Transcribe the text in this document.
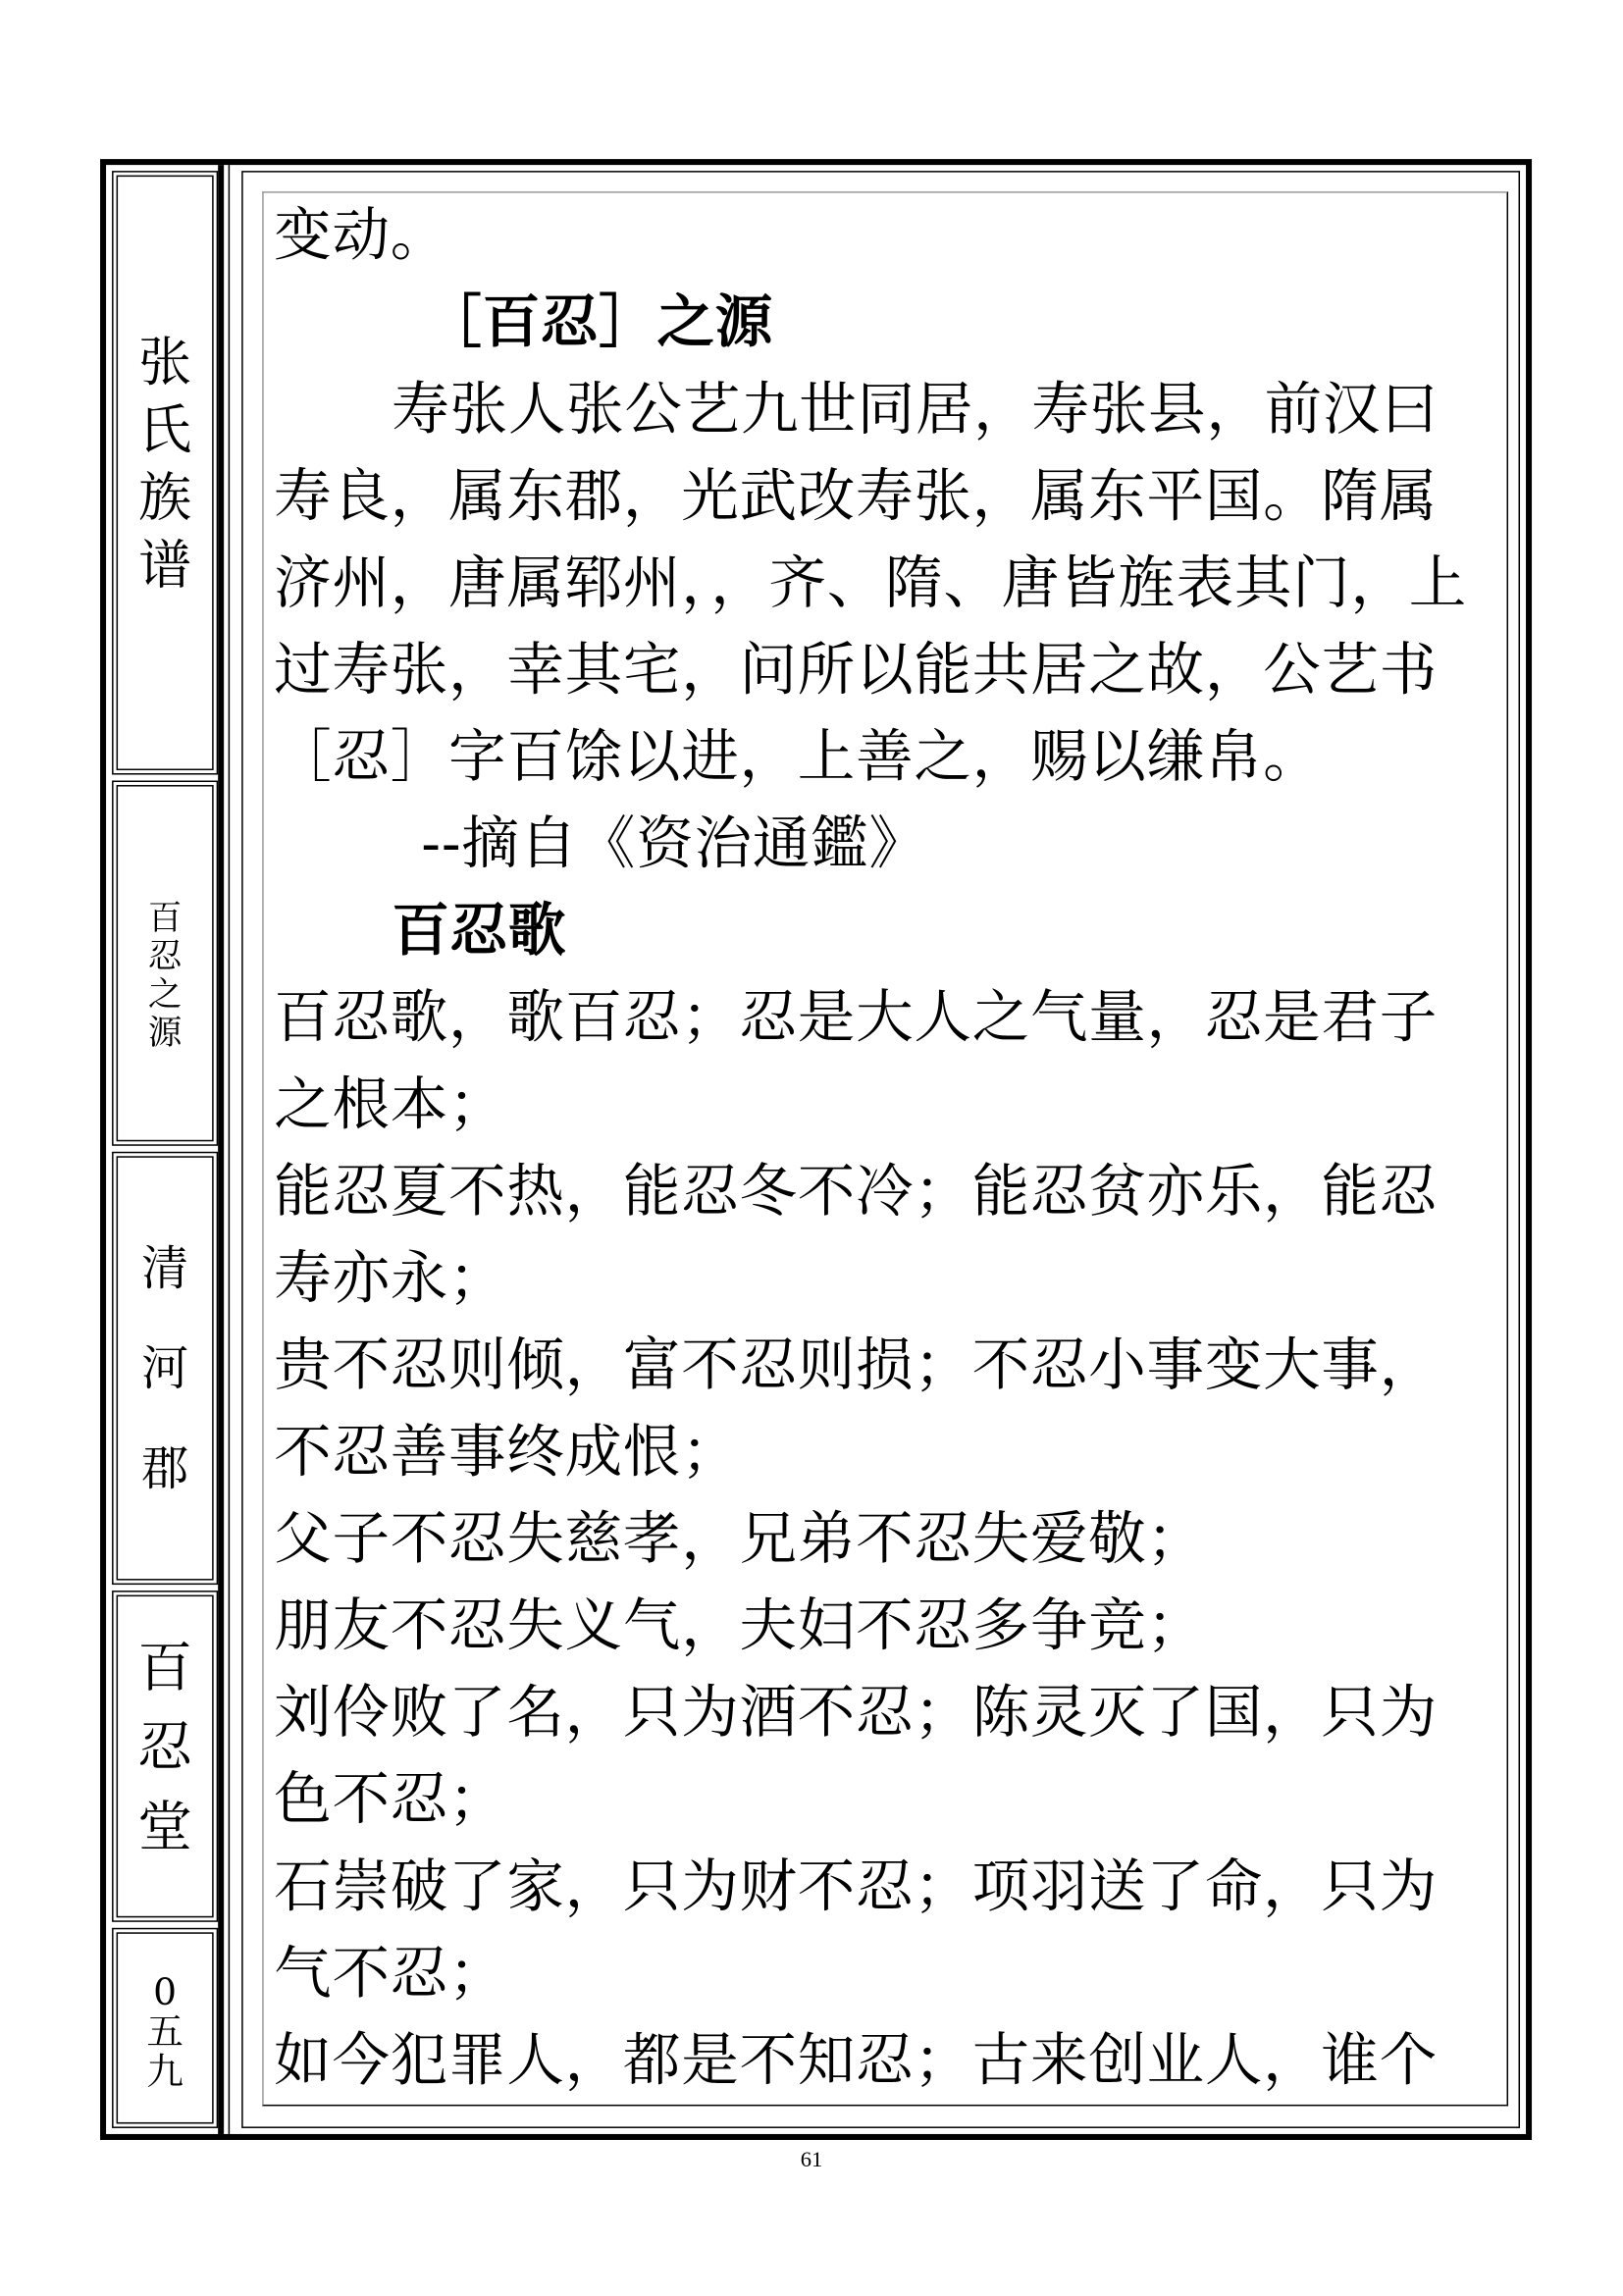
张
氏
族
谱
百
忍
之
源
清
河
郡
百
忍
堂
0
五
九
变动。
［百忍］之源
寿张人张公艺九世同居，寿张县，前汉曰
寿良，属东郡，光武改寿张，属东平国。隋属
济州，唐属郓州，，齐、隋、唐皆旌表其门，上
过寿张，幸其宅，问所以能共居之故，公艺书
［忍］字百馀以进，上善之，赐以缣帛。
--摘自《资治通鑑》
百忍歌
百忍歌，歌百忍；忍是大人之气量，忍是君子
之根本；
能忍夏不热，能忍冬不冷；能忍贫亦乐，能忍
寿亦永；
贵不忍则倾，富不忍则损；不忍小事变大事，
不忍善事终成恨；
父子不忍失慈孝，兄弟不忍失爱敬；
朋友不忍失义气，夫妇不忍多争竞；
刘伶败了名，只为酒不忍；陈灵灭了国，只为
色不忍；
石崇破了家，只为财不忍；项羽送了命，只为
气不忍；
如今犯罪人，都是不知忍；古来创业人，谁个
61
